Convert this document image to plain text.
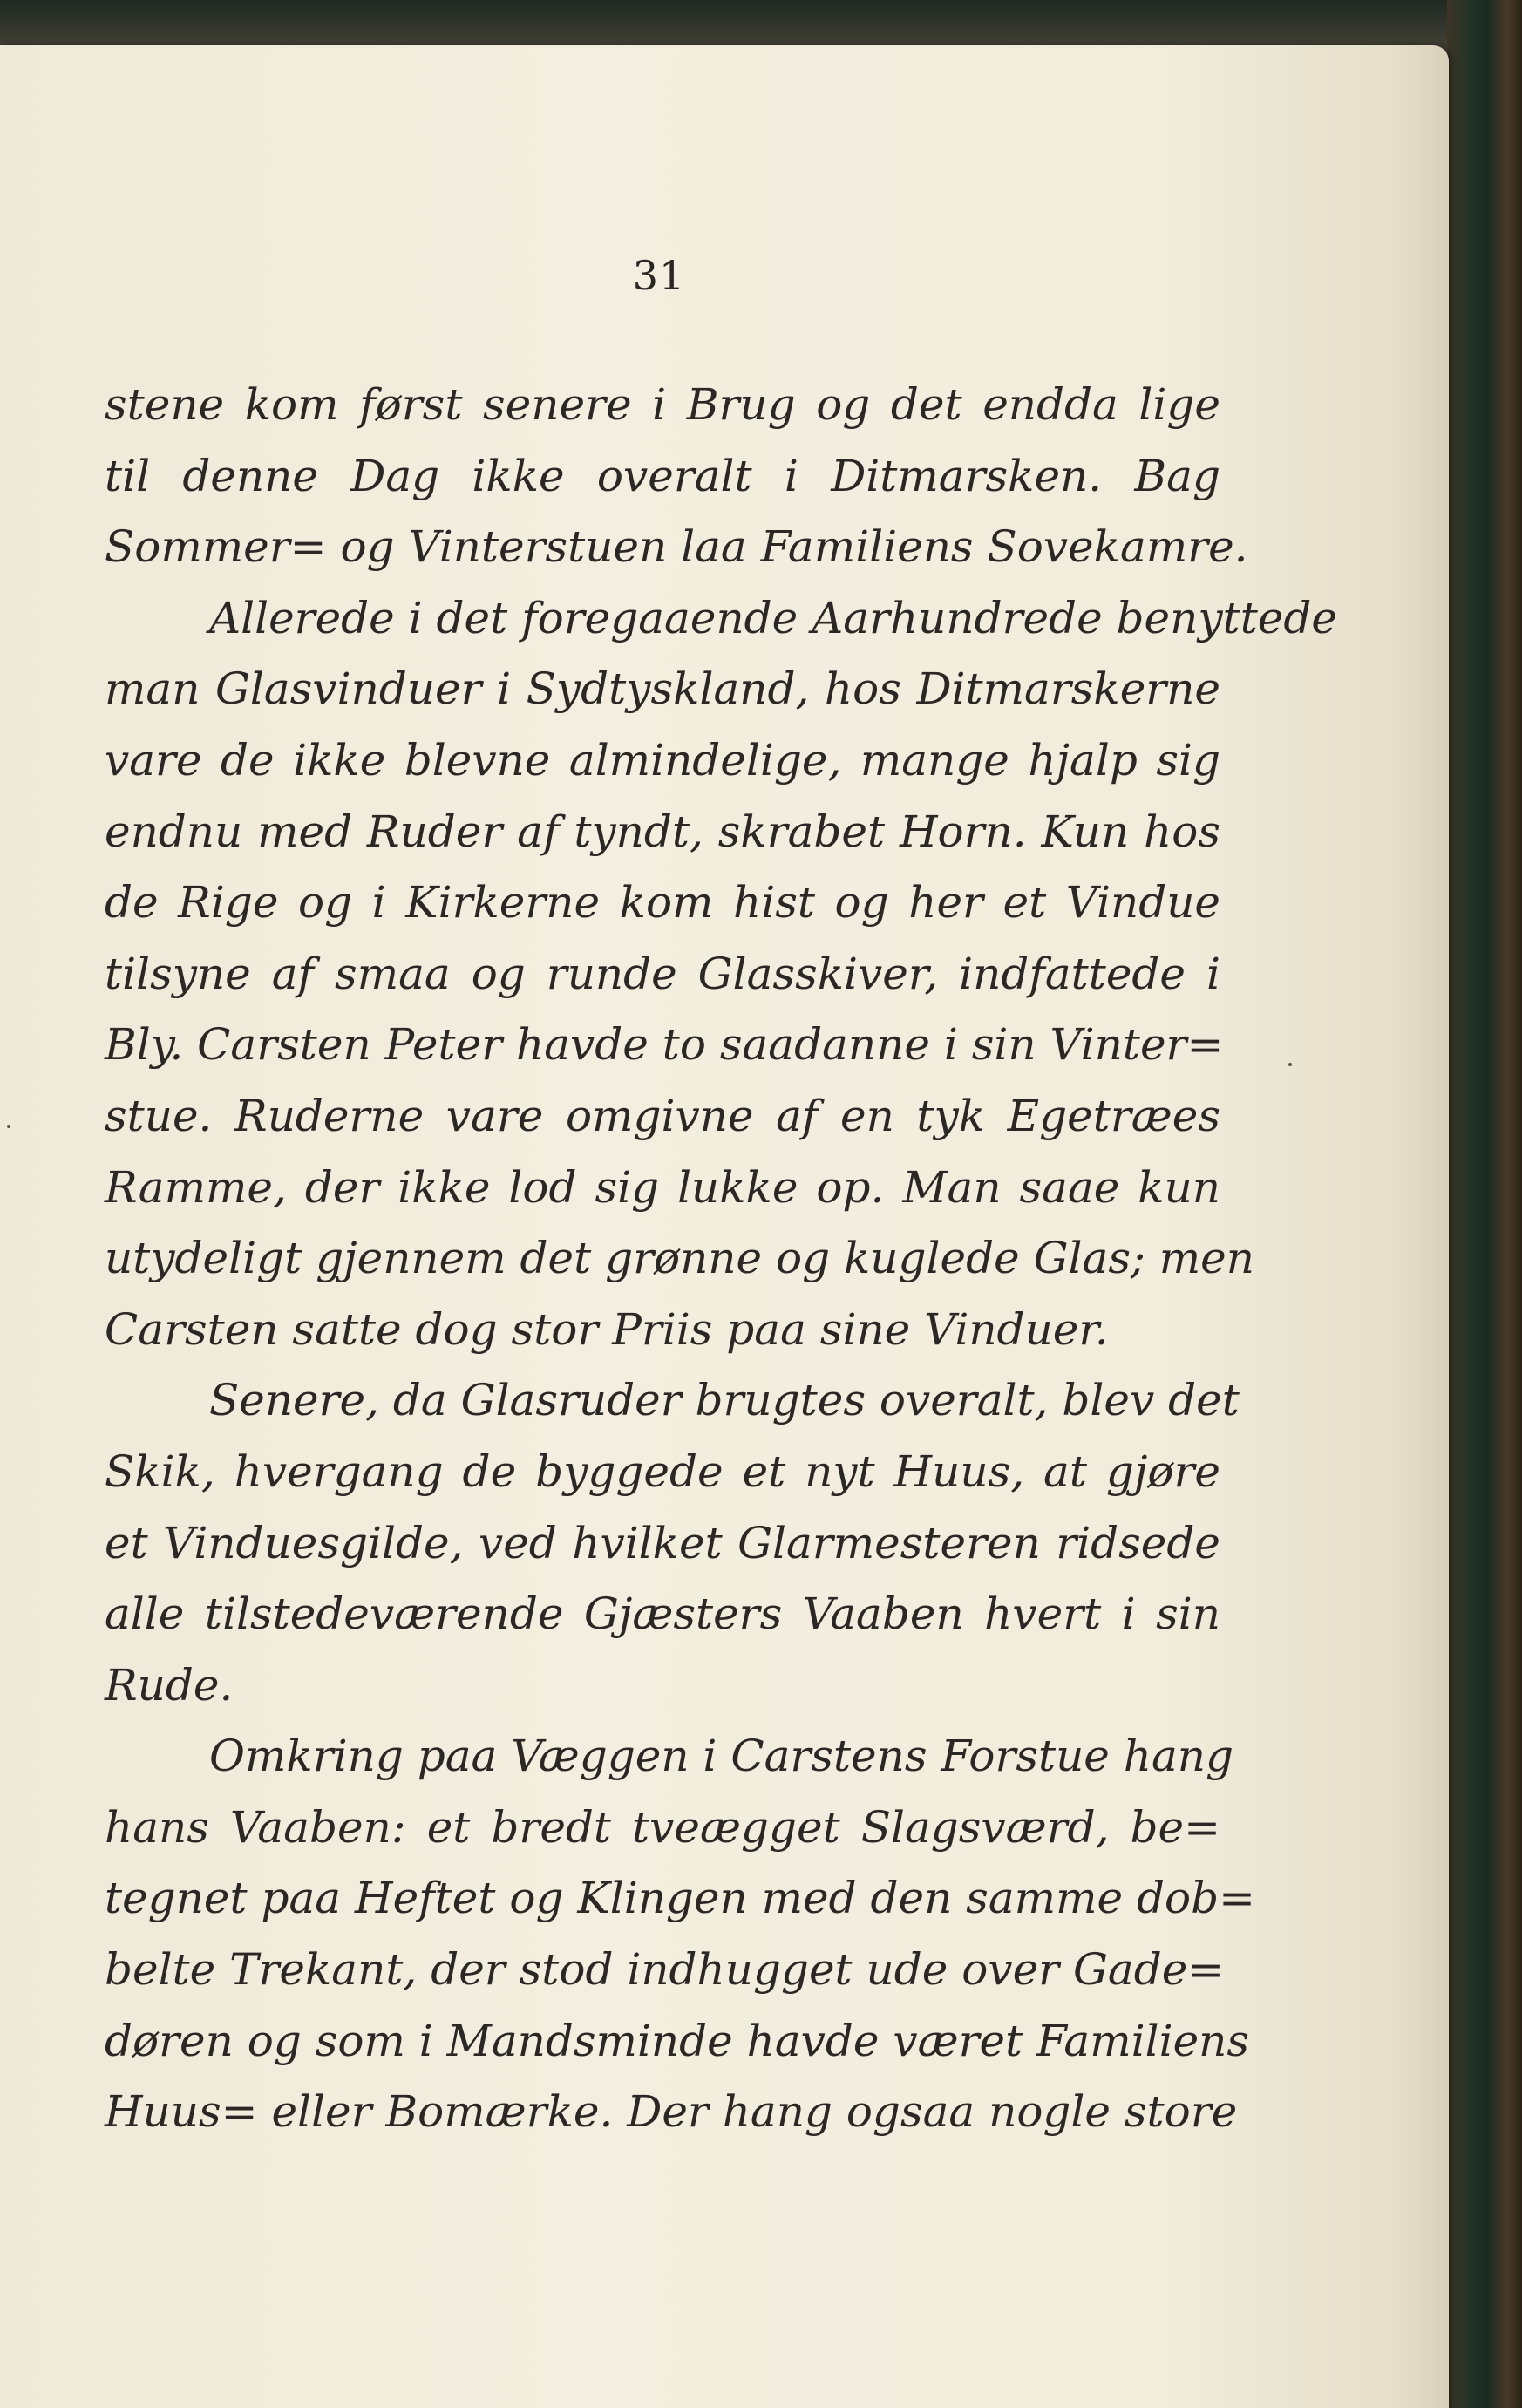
31
stene kom først senere i Brug og det endda lige
til denne Dag ikke overalt i Ditmarsken. Bag
Sommer= og Vinterstuen laa Familiens Sovekamre.
Allerede i det foregaaende Aarhundrede benyttede
man Glasvinduer i Sydtyskland, hos Ditmarskerne
vare de ikke blevne almindelige, mange hjalp sig
endnu med Ruder af tyndt, skrabet Horn. Kun hos
de Rige og i Kirkerne kom hist og her et Vindue
tilsyne af smaa og runde Glasskiver, indfattede i
Bly. Carsten Peter havde to saadanne i sin Vinter=
stue. Ruderne vare omgivne af en tyk Egetræes
Ramme, der ikke lod sig lukke op. Man saae kun
utydeligt gjennem det grønne og kuglede Glas; men
Carsten satte dog stor Priis paa sine Vinduer.
Senere, da Glasruder brugtes overalt, blev det
Skik, hvergang de byggede et nyt Huus, at gjøre
et Vinduesgilde, ved hvilket Glarmesteren ridsede
alle tilstedeværende Gjæsters Vaaben hvert i sin
Rude.
Omkring paa Væggen i Carstens Forstue hang
hans Vaaben: et bredt tveægget Slagsværd, be=
tegnet paa Heftet og Klingen med den samme dob=
belte Trekant, der stod indhugget ude over Gade=
døren og som i Mandsminde havde været Familiens
Huus= eller Bomærke. Der hang ogsaa nogle store
